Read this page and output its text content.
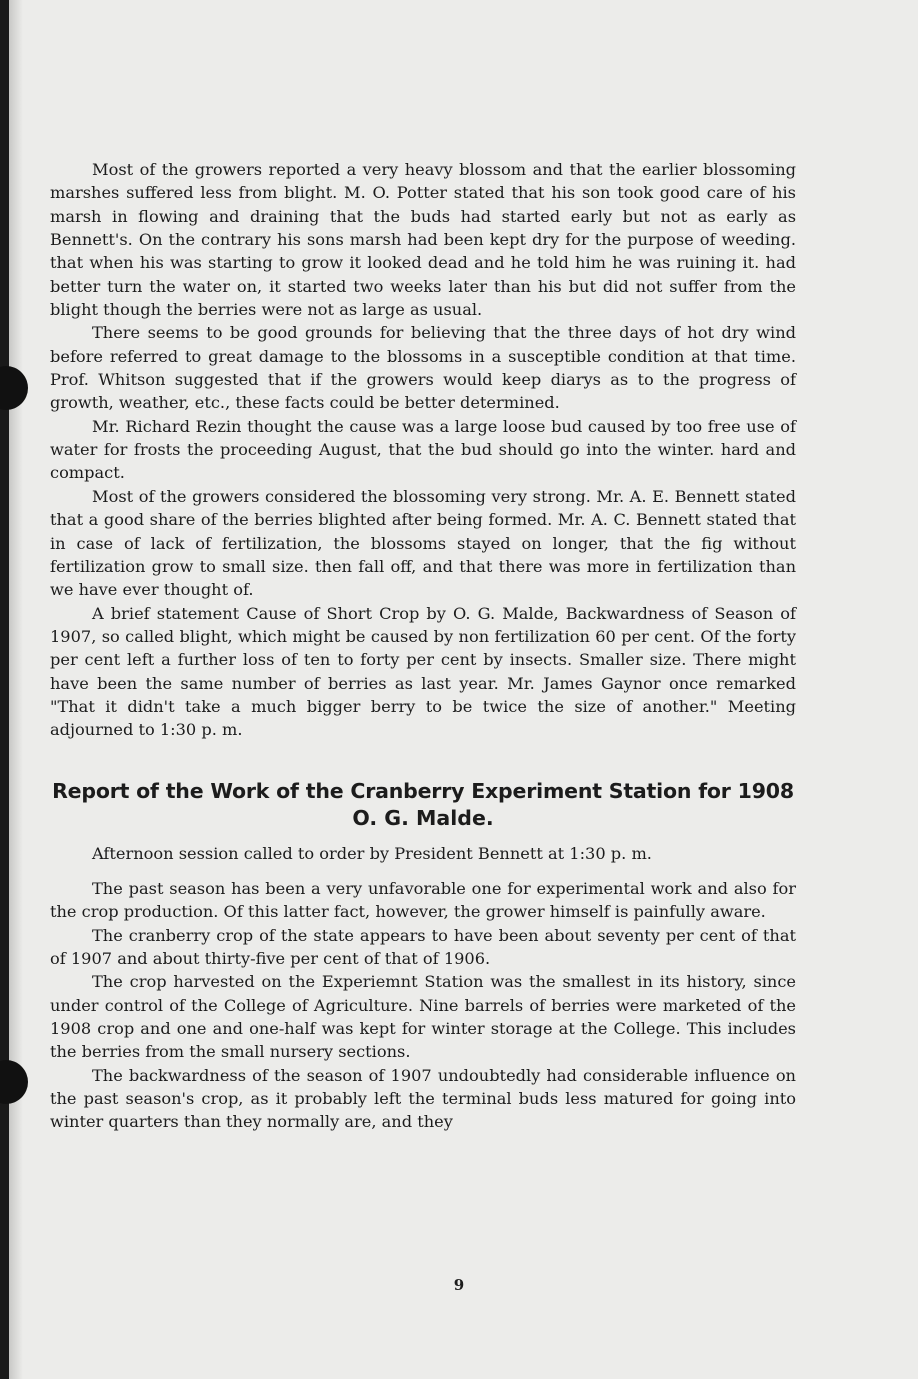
Most of the growers reported a very heavy blossom and that the earlier blossoming marshes suffered less from blight. M. O. Potter stated that his son took good care of his marsh in flowing and draining that the buds had started early but not as early as Bennett's. On the contrary his sons marsh had been kept dry for the purpose of weeding. that when his was starting to grow it looked dead and he told him he was ruining it. had better turn the water on, it started two weeks later than his but did not suffer from the blight though the berries were not as large as usual.

There seems to be good grounds for believing that the three days of hot dry wind before referred to great damage to the blossoms in a susceptible condition at that time. Prof. Whitson suggested that if the growers would keep diarys as to the progress of growth, weather, etc., these facts could be better determined.

Mr. Richard Rezin thought the cause was a large loose bud caused by too free use of water for frosts the proceeding August, that the bud should go into the winter. hard and compact.

Most of the growers considered the blossoming very strong. Mr. A. E. Bennett stated that a good share of the berries blighted after being formed. Mr. A. C. Bennett stated that in case of lack of fertilization, the blossoms stayed on longer, that the fig without fertilization grow to small size. then fall off, and that there was more in fertilization than we have ever thought of.

A brief statement Cause of Short Crop by O. G. Malde, Backwardness of Season of 1907, so called blight, which might be caused by non fertilization 60 per cent. Of the forty per cent left a further loss of ten to forty per cent by insects. Smaller size. There might have been the same number of berries as last year. Mr. James Gaynor once remarked "That it didn't take a much bigger berry to be twice the size of another." Meeting adjourned to 1:30 p. m.

Report of the Work of the Cranberry Experiment Station for 1908
O. G. Malde.

Afternoon session called to order by President Bennett at 1:30 p. m.

The past season has been a very unfavorable one for experimental work and also for the crop production. Of this latter fact, however, the grower himself is painfully aware.

The cranberry crop of the state appears to have been about seventy per cent of that of 1907 and about thirty-five per cent of that of 1906.

The crop harvested on the Experiemnt Station was the smallest in its history, since under control of the College of Agriculture. Nine barrels of berries were marketed of the 1908 crop and one and one-half was kept for winter storage at the College. This includes the berries from the small nursery sections.

The backwardness of the season of 1907 undoubtedly had considerable influence on the past season's crop, as it probably left the terminal buds less matured for going into winter quarters than they normally are, and they

9
